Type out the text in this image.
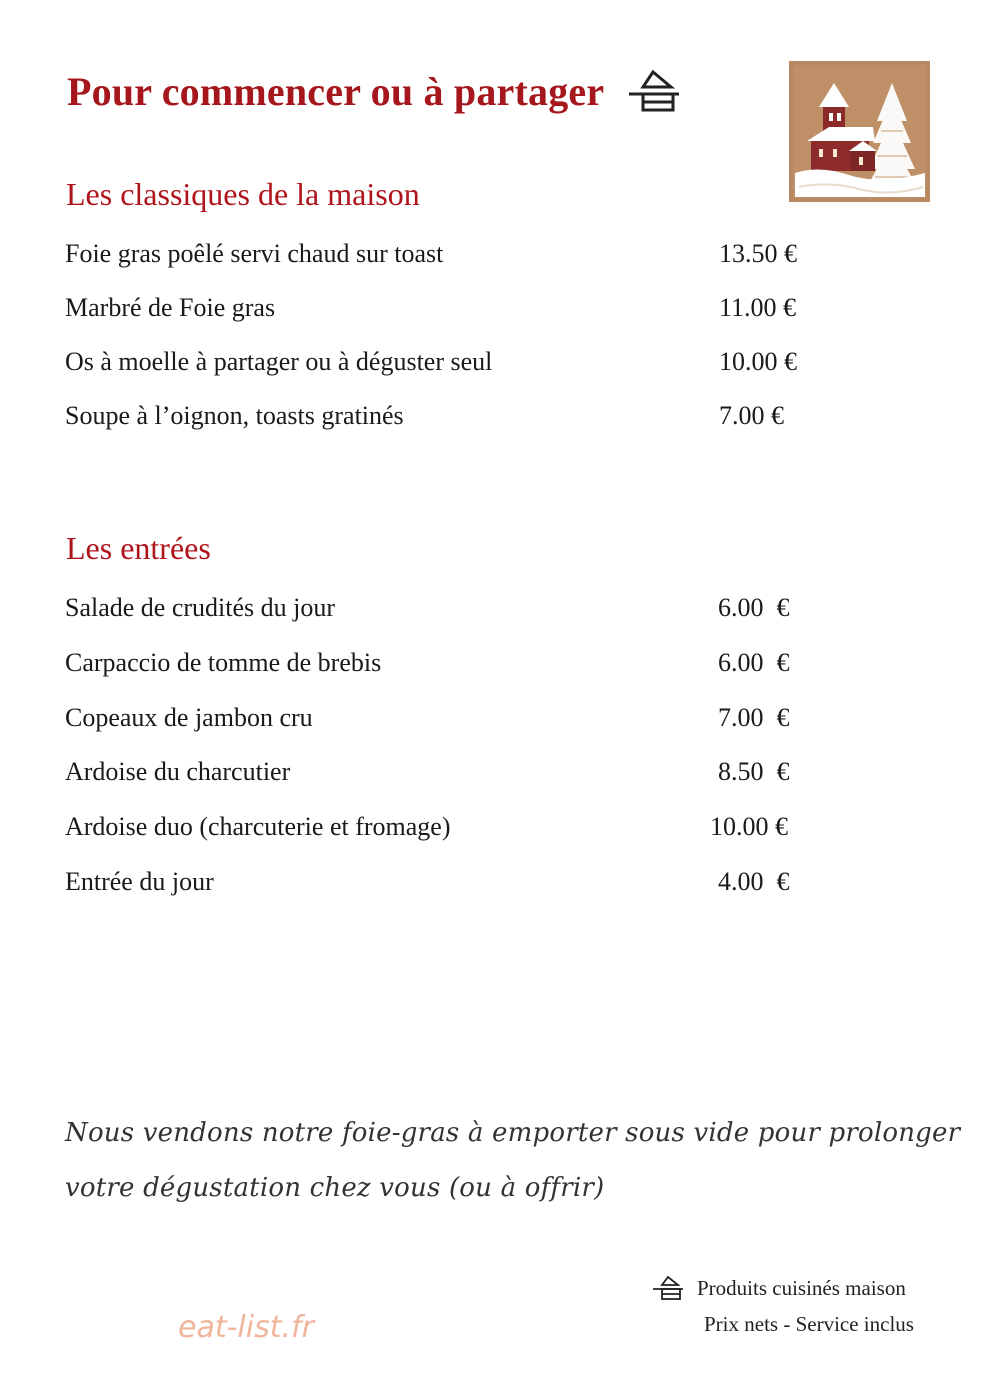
Pour commencer ou à partager
Les classiques de la maison
Foie gras poêlé servi chaud sur toast	13.50 €
Marbré de Foie gras	11.00 €
Os à moelle à partager ou à déguster seul	10.00 €
Soupe à l’oignon, toasts gratinés	7.00 €
Les entrées
Salade de crudités du jour	6.00  €
Carpaccio de tomme de brebis	6.00  €
Copeaux de jambon cru	7.00  €
Ardoise du charcutier	8.50  €
Ardoise duo (charcuterie et fromage)	10.00 €
Entrée du jour	4.00  €
Nous vendons notre foie-gras à emporter sous vide pour prolonger
votre dégustation chez vous (ou à offrir)
Produits cuisinés maison
Prix nets - Service inclus
eat-list.fr
